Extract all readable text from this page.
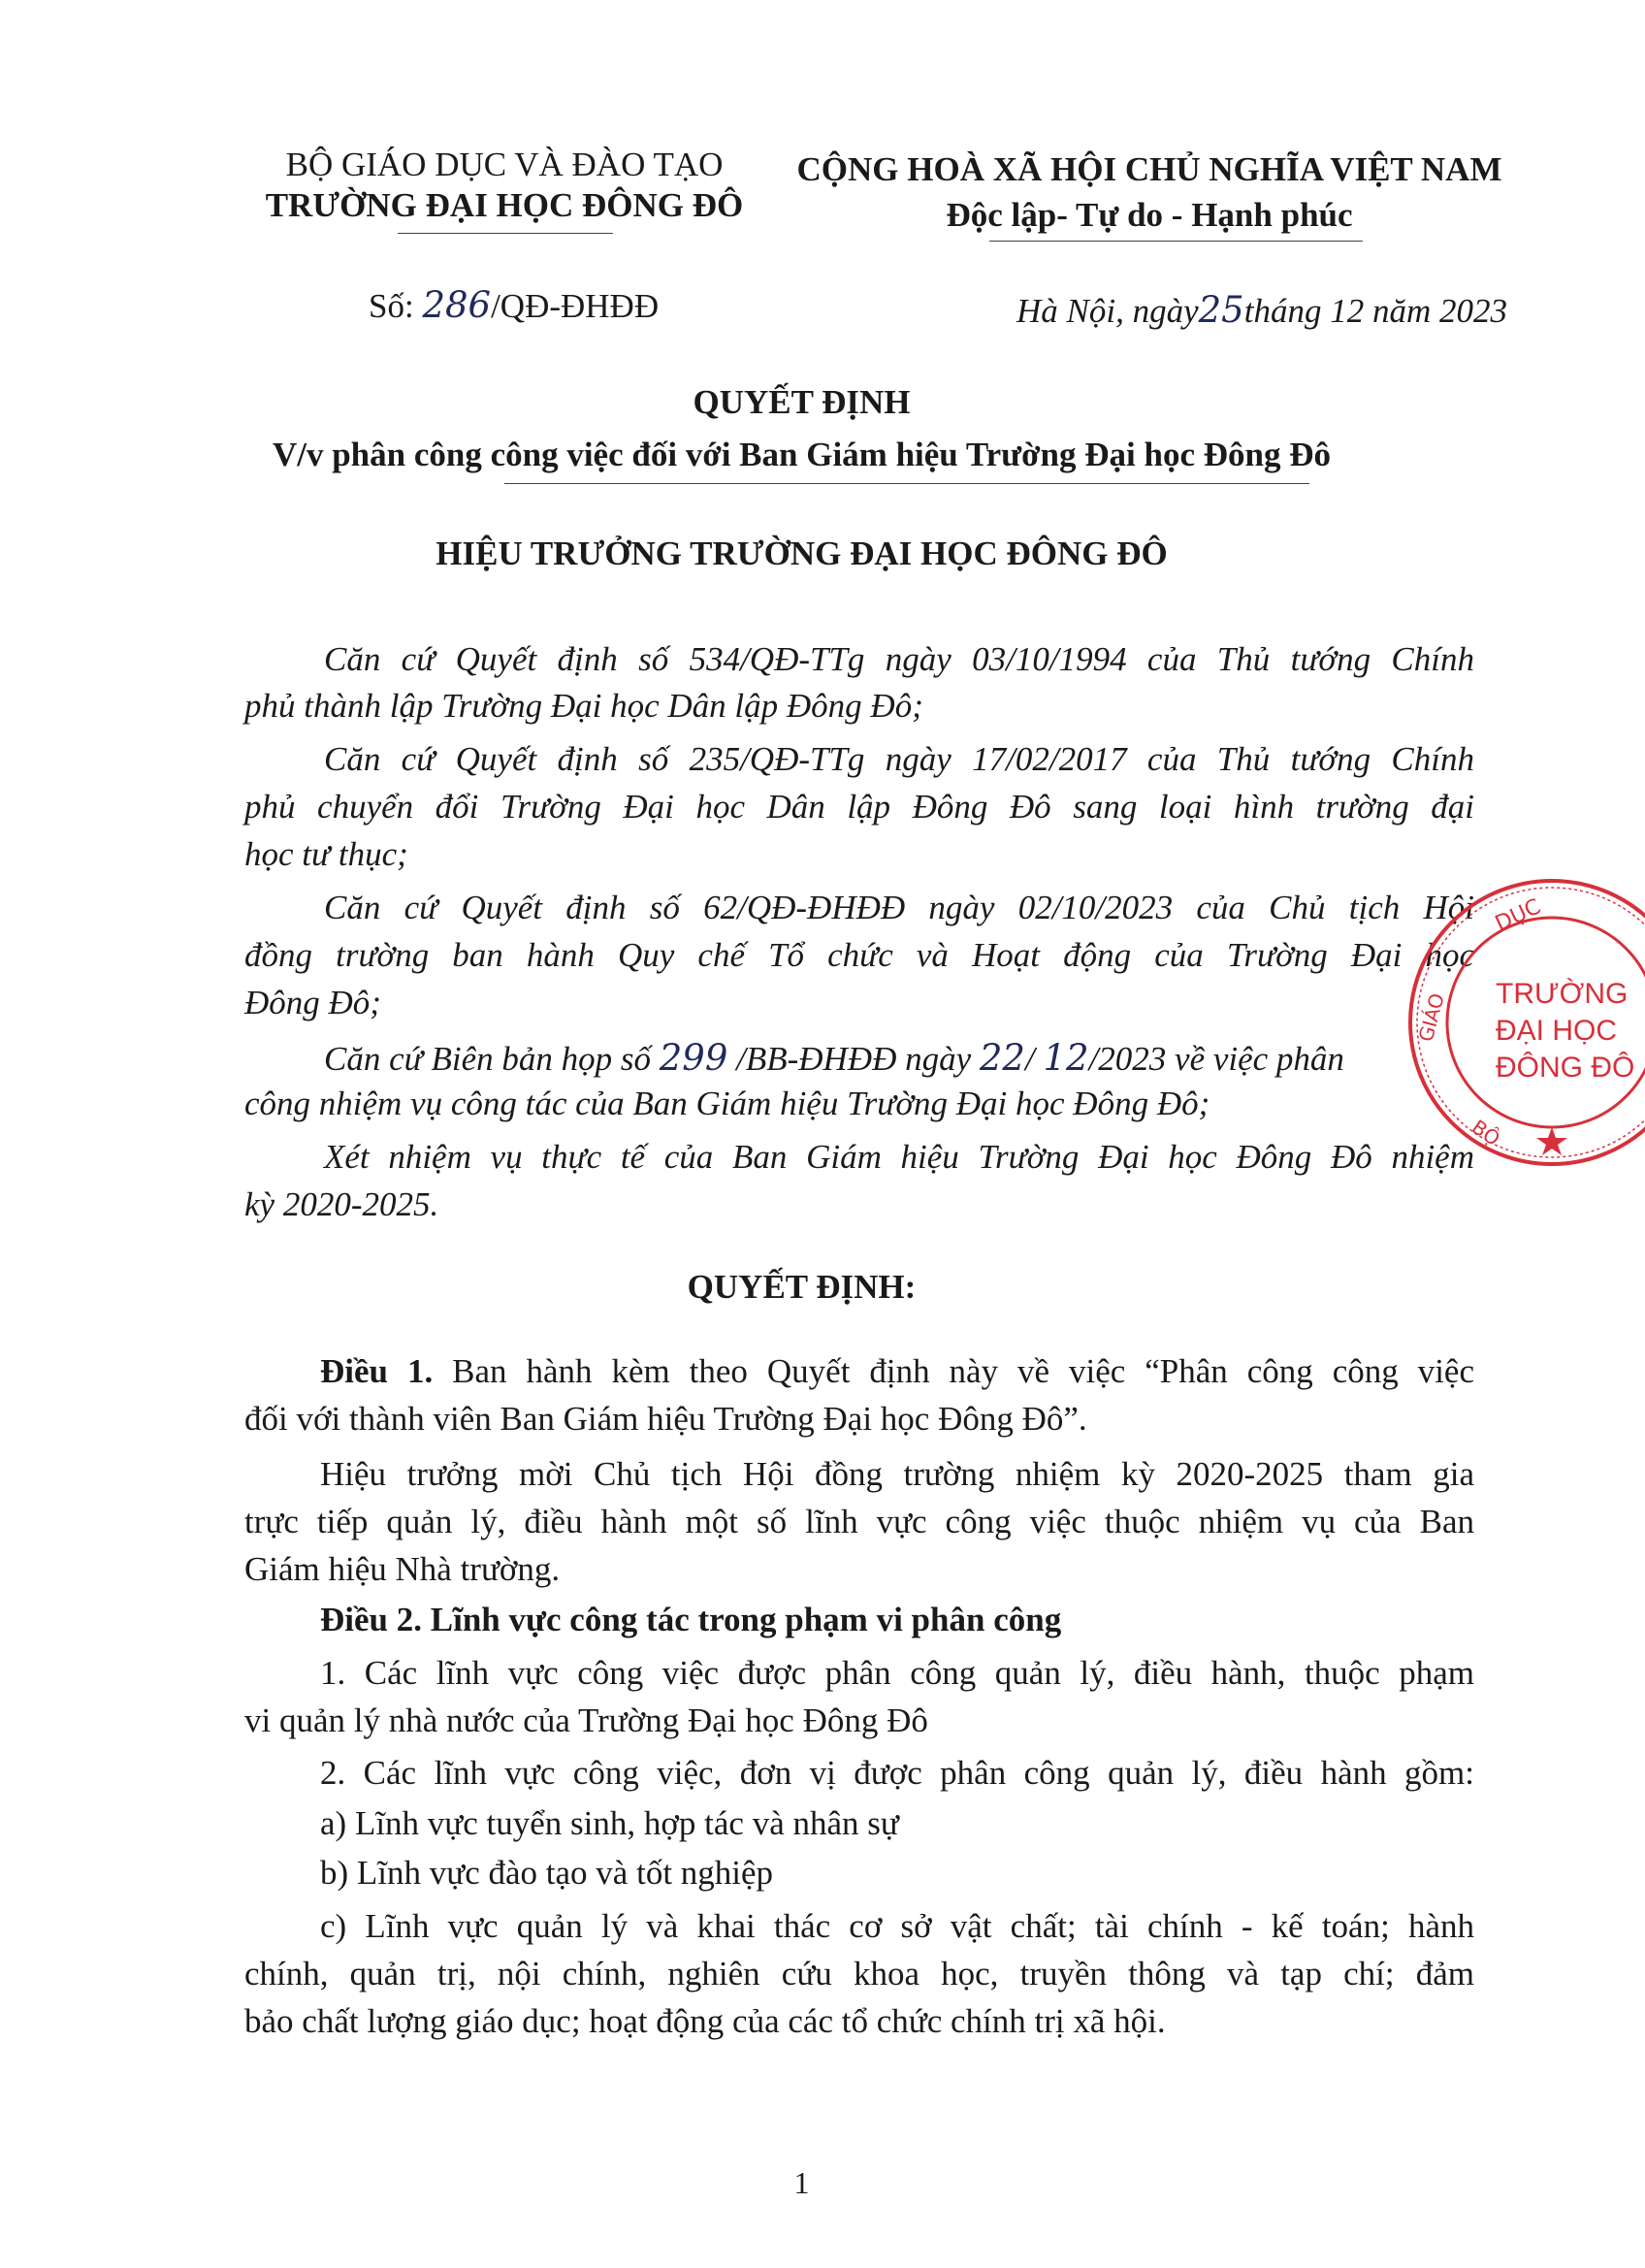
BỘ GIÁO DỤC VÀ ĐÀO TẠO
TRƯỜNG ĐẠI HỌC ĐÔNG ĐÔ
CỘNG HOÀ XÃ HỘI CHỦ NGHĨA VIỆT NAM
Độc lập- Tự do - Hạnh phúc
Số: 286/QĐ-ĐHĐĐ	Hà Nội, ngày25tháng 12 năm 2023
QUYẾT ĐỊNH
V/v phân công công việc đối với Ban Giám hiệu Trường Đại học Đông Đô
HIỆU TRƯỞNG TRƯỜNG ĐẠI HỌC ĐÔNG ĐÔ
Căn cứ Quyết định số 534/QĐ-TTg ngày 03/10/1994 của Thủ tướng Chính
phủ thành lập Trường Đại học Dân lập Đông Đô;
Căn cứ Quyết định số 235/QĐ-TTg ngày 17/02/2017 của Thủ tướng Chính
phủ chuyển đổi Trường Đại học Dân lập Đông Đô sang loại hình trường đại
học tư thục;
Căn cứ Quyết định số 62/QĐ-ĐHĐĐ ngày 02/10/2023 của Chủ tịch Hội
đồng trường ban hành Quy chế Tổ chức và Hoạt động của Trường Đại học
Đông Đô;
Căn cứ Biên bản họp số 299 /BB-ĐHĐĐ ngày 22/ 12/2023 về việc phân
công nhiệm vụ công tác của Ban Giám hiệu Trường Đại học Đông Đô;
Xét nhiệm vụ thực tế của Ban Giám hiệu Trường Đại học Đông Đô nhiệm
kỳ 2020-2025.
QUYẾT ĐỊNH:
Điều 1. Ban hành kèm theo Quyết định này về việc “Phân công công việc
đối với thành viên Ban Giám hiệu Trường Đại học Đông Đô”.
Hiệu trưởng mời Chủ tịch Hội đồng trường nhiệm kỳ 2020-2025 tham gia
trực tiếp quản lý, điều hành một số lĩnh vực công việc thuộc nhiệm vụ của Ban
Giám hiệu Nhà trường.
Điều 2. Lĩnh vực công tác trong phạm vi phân công
1. Các lĩnh vực công việc được phân công quản lý, điều hành, thuộc phạm
vi quản lý nhà nước của Trường Đại học Đông Đô
2. Các lĩnh vực công việc, đơn vị được phân công quản lý, điều hành gồm:
a) Lĩnh vực tuyển sinh, hợp tác và nhân sự
b) Lĩnh vực đào tạo và tốt nghiệp
c) Lĩnh vực quản lý và khai thác cơ sở vật chất; tài chính - kế toán; hành
chính, quản trị, nội chính, nghiên cứu khoa học, truyền thông và tạp chí; đảm
bảo chất lượng giáo dục; hoạt động của các tổ chức chính trị xã hội.
1
DỤC
GIÁO
BỘ
TRƯỜNG
ĐẠI HỌC
ĐÔNG ĐÔ
